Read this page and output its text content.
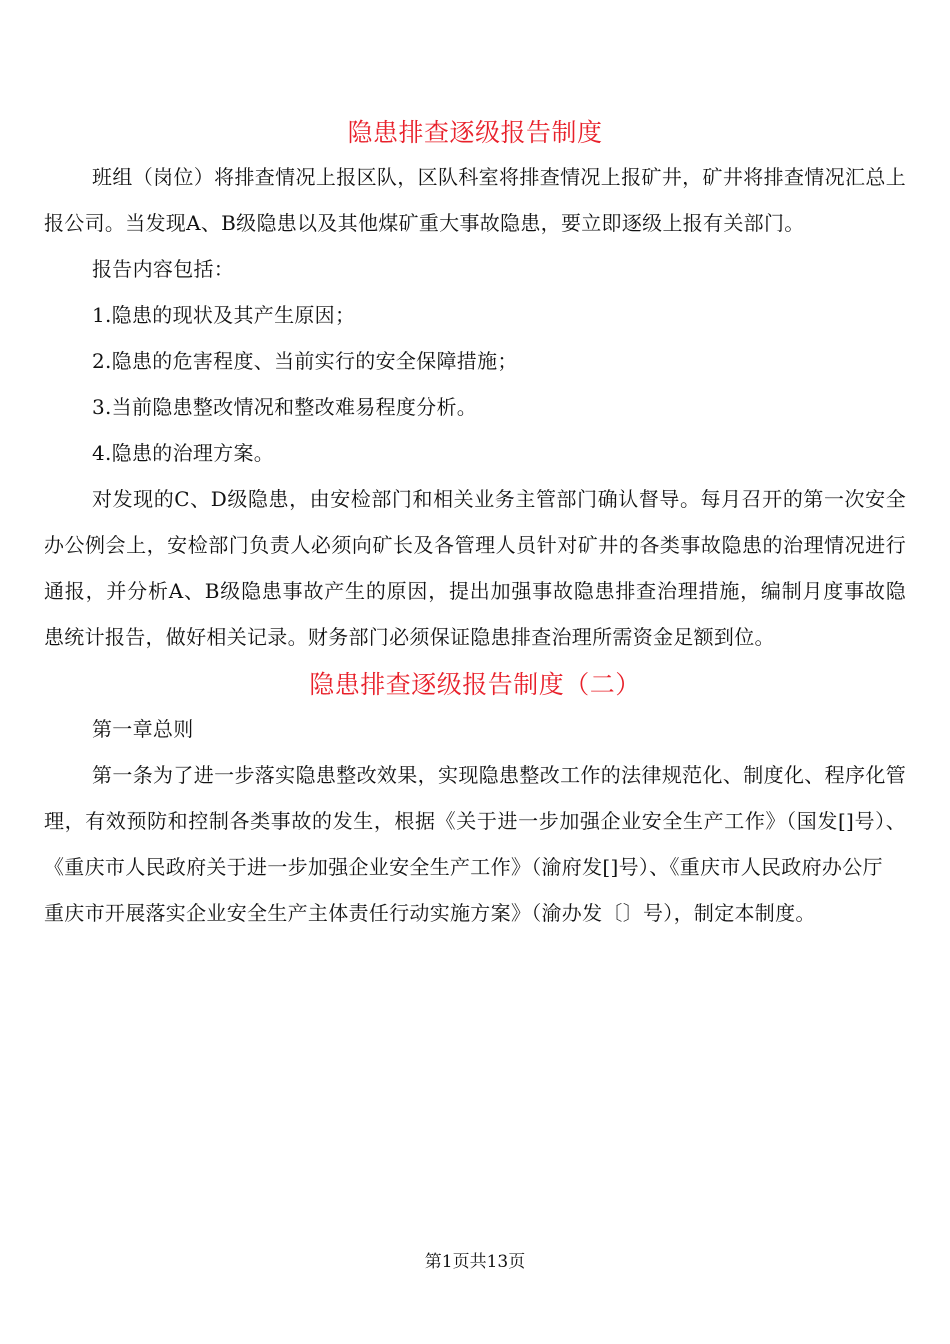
隐患排查逐级报告制度

班组（岗位）将排查情况上报区队，区队科室将排查情况上报矿井，矿井将排查情况汇总上报公司。当发现A、B级隐患以及其他煤矿重大事故隐患，要立即逐级上报有关部门。

报告内容包括：

1.隐患的现状及其产生原因；

2.隐患的危害程度、当前实行的安全保障措施；

3.当前隐患整改情况和整改难易程度分析。

4.隐患的治理方案。

对发现的C、D级隐患，由安检部门和相关业务主管部门确认督导。每月召开的第一次安全办公例会上，安检部门负责人必须向矿长及各管理人员针对矿井的各类事故隐患的治理情况进行通报，并分析A、B级隐患事故产生的原因，提出加强事故隐患排查治理措施，编制月度事故隐患统计报告，做好相关记录。财务部门必须保证隐患排查治理所需资金足额到位。

隐患排查逐级报告制度（二）

第一章总则

第一条为了进一步落实隐患整改效果，实现隐患整改工作的法律规范化、制度化、程序化管理，有效预防和控制各类事故的发生，根据《关于进一步加强企业安全生产工作》（国发[]号）、《重庆市人民政府关于进一步加强企业安全生产工作》（渝府发[]号）、《重庆市人民政府办公厅

重庆市开展落实企业安全生产主体责任行动实施方案》（渝办发〔〕号），制定本制度。

第1页共13页
